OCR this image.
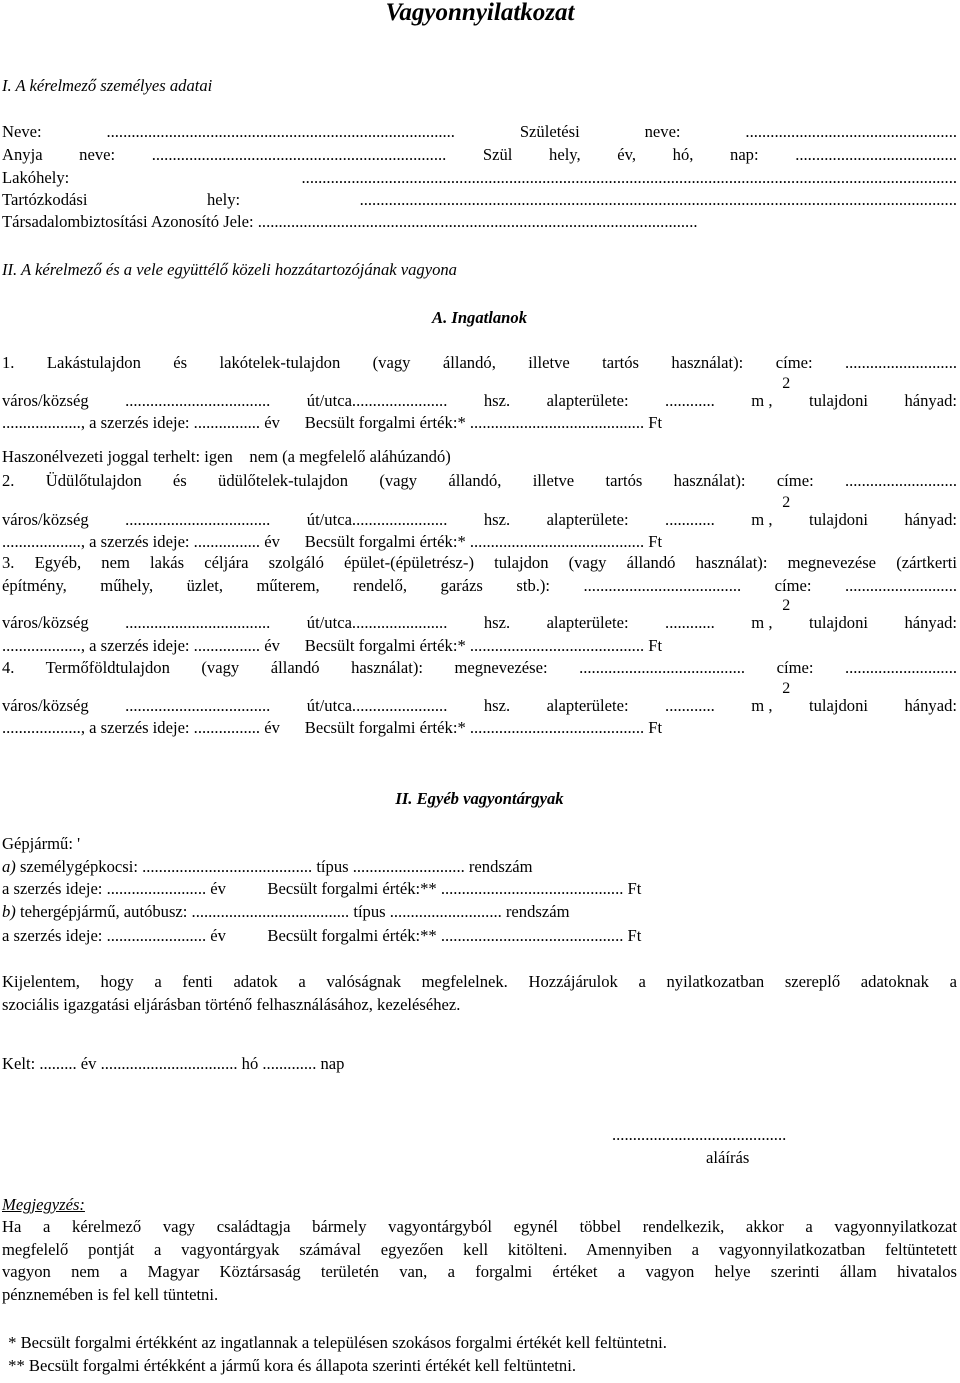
Vagyonnyilatkozat
I. A kérelmező személyes adatai
Neve: .................................................................................... Születési neve: ...................................................
Anyja neve: ....................................................................... Szül hely, év, hó, nap: .......................................
Lakóhely: ..............................................................................................................................................................
Tartózkodási hely: ................................................................................................................................................
Társadalombiztosítási Azonosító Jele: ..........................................................................................................
II. A kérelmező és a vele együttélő közeli hozzátartozójának vagyona
A. Ingatlanok
1. Lakástulajdon és lakótelek-tulajdon (vagy állandó, illetve tartós használat): címe: ...........................
város/község ................................... út/utca....................... hsz. alapterülete: ............ m
2
, tulajdoni hányad:
..................., a szerzés ideje: ................ év      Becsült forgalmi érték:* .......................................... Ft
Haszonélvezeti joggal terhelt: igen    nem (a megfelelő aláhúzandó)
2. Üdülőtulajdon és üdülőtelek-tulajdon (vagy állandó, illetve tartós használat): címe: ...........................
város/község ................................... út/utca....................... hsz. alapterülete: ............ m
2
, tulajdoni hányad:
..................., a szerzés ideje: ................ év      Becsült forgalmi érték:* .......................................... Ft
3. Egyéb, nem lakás céljára szolgáló épület-(épületrész-) tulajdon (vagy állandó használat): megnevezése (zártkerti
építmény, műhely, üzlet, műterem, rendelő, garázs stb.): ...................................... címe: ...........................
város/község ................................... út/utca....................... hsz. alapterülete: ............ m
2
, tulajdoni hányad:
..................., a szerzés ideje: ................ év      Becsült forgalmi érték:* .......................................... Ft
4. Termőföldtulajdon (vagy állandó használat): megnevezése: ........................................ címe: ...........................
város/község ................................... út/utca....................... hsz. alapterülete: ............ m
2
, tulajdoni hányad:
..................., a szerzés ideje: ................ év      Becsült forgalmi érték:* .......................................... Ft
II. Egyéb vagyontárgyak
Gépjármű: '
a) személygépkocsi: ......................................... típus ........................... rendszám
a szerzés ideje: ........................ év          Becsült forgalmi érték:** ............................................ Ft
b) tehergépjármű, autóbusz: ...................................... típus ........................... rendszám
a szerzés ideje: ........................ év          Becsült forgalmi érték:** ............................................ Ft
Kijelentem, hogy a fenti adatok a valóságnak megfelelnek. Hozzájárulok a nyilatkozatban szereplő adatoknak a
szociális igazgatási eljárásban történő felhasználásához, kezeléséhez.
Kelt: ......... év ................................. hó ............. nap
..........................................
aláírás
Megjegyzés:
Ha a kérelmező vagy családtagja bármely vagyontárgyból egynél többel rendelkezik, akkor a vagyonnyilatkozat
megfelelő pontját a vagyontárgyak számával egyezően kell kitölteni. Amennyiben a vagyonnyilatkozatban feltüntetett
vagyon nem a Magyar Köztársaság területén van, a forgalmi értéket a vagyon helye szerinti állam hivatalos
pénznemében is fel kell tüntetni.
* Becsült forgalmi értékként az ingatlannak a településen szokásos forgalmi értékét kell feltüntetni.
** Becsült forgalmi értékként a jármű kora és állapota szerinti értékét kell feltüntetni.
